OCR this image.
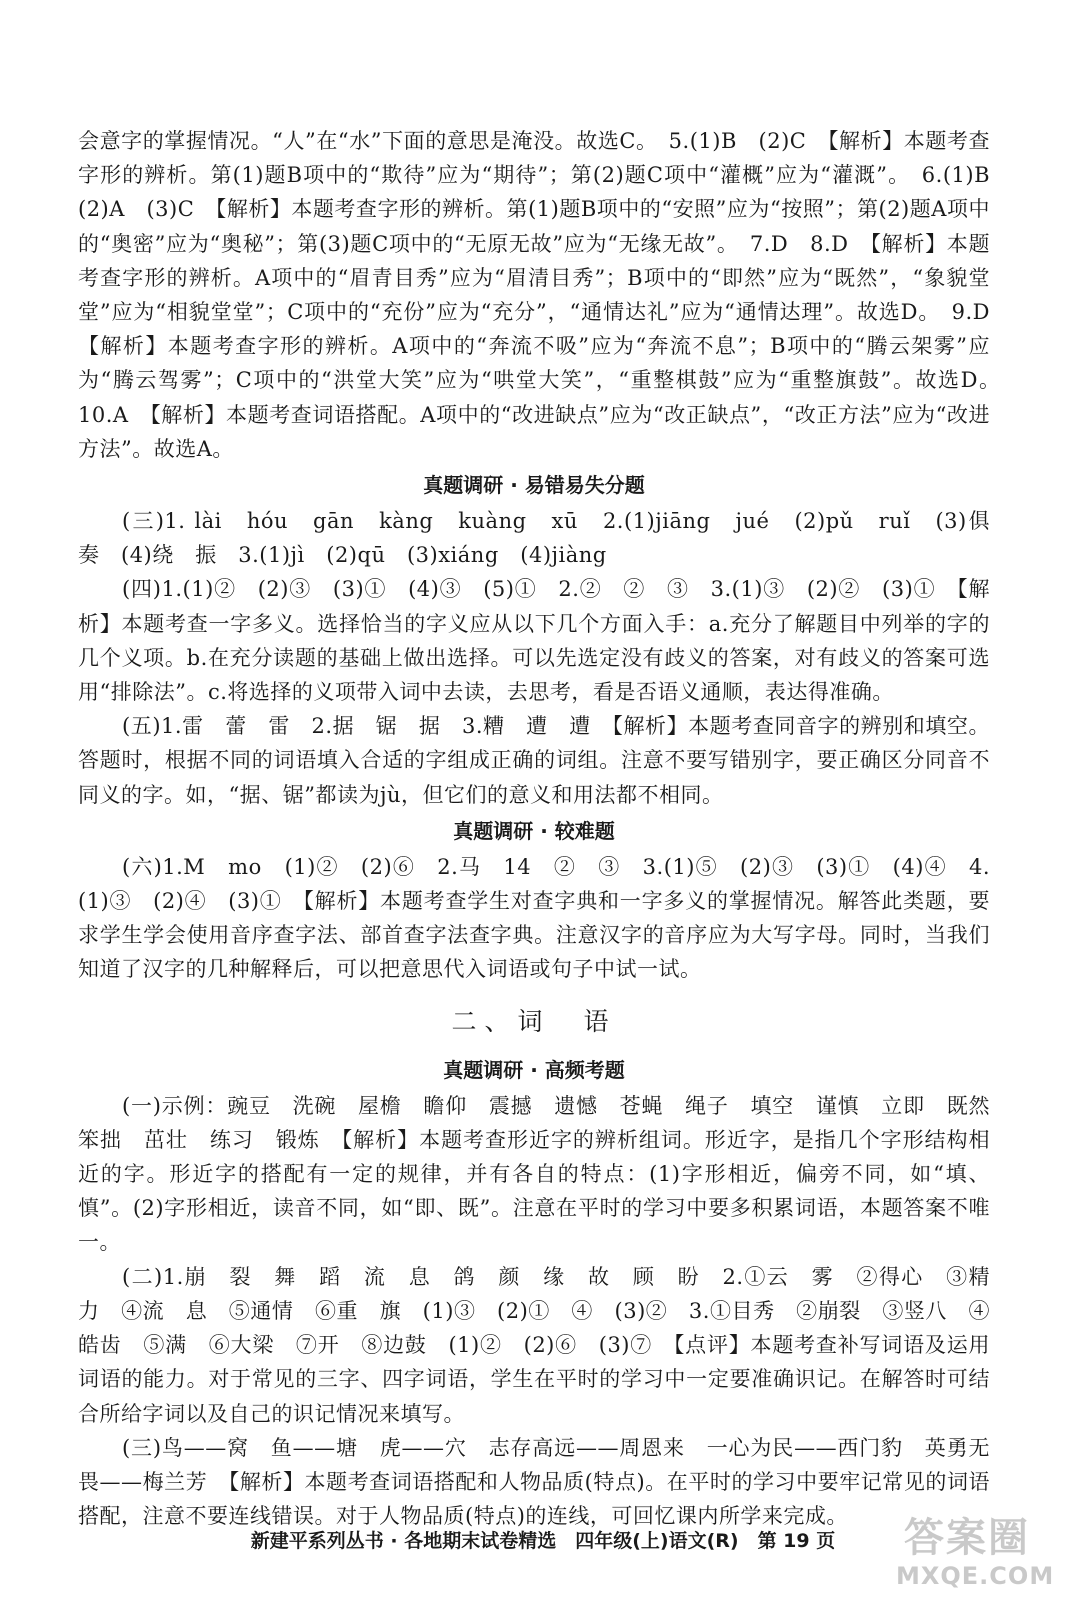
会意字的掌握情况。“人”在“水”下面的意思是淹没。故选C。　5.(1)B　(2)C　【解析】本题考查字形的辨析。第(1)题B项中的“欺待”应为“期待”；第(2)题C项中“灌概”应为“灌溉”。　6.(1)B　(2)A　(3)C　【解析】本题考查字形的辨析。第(1)题B项中的“安照”应为“按照”；第(2)题A项中的“奥密”应为“奥秘”；第(3)题C项中的“无原无故”应为“无缘无故”。　7.D　8.D　【解析】本题考查字形的辨析。A项中的“眉青目秀”应为“眉清目秀”；B项中的“即然”应为“既然”，“象貌堂堂”应为“相貌堂堂”；C项中的“充份”应为“充分”，“通情达礼”应为“通情达理”。故选D。　9.D　【解析】本题考查字形的辨析。A项中的“奔流不吸”应为“奔流不息”；B项中的“腾云架雾”应为“腾云驾雾”；C项中的“洪堂大笑”应为“哄堂大笑”，“重整棋鼓”应为“重整旗鼓”。故选D。　10.A　【解析】本题考查词语搭配。A项中的“改进缺点”应为“改正缺点”，“改正方法”应为“改进方法”。故选A。

真题调研 · 易错易失分题

(三)1. lài　hóu　gān　kàng　kuàng　xū　2.(1)jiāng　jué　(2)pǔ　ruǐ　(3)俱　奏　(4)绕　振　3.(1)jì　(2)qū　(3)xiáng　(4)jiàng

(四)1.(1)②　(2)③　(3)①　(4)③　(5)①　2.②　②　③　3.(1)③　(2)②　(3)①　【解析】本题考查一字多义。选择恰当的字义应从以下几个方面入手：a.充分了解题目中列举的字的几个义项。b.在充分读题的基础上做出选择。可以先选定没有歧义的答案，对有歧义的答案可选用“排除法”。c.将选择的义项带入词中去读，去思考，看是否语义通顺，表达得准确。

(五)1.雷　蕾　雷　2.据　锯　据　3.糟　遭　遭　【解析】本题考查同音字的辨别和填空。答题时，根据不同的词语填入合适的字组成正确的词组。注意不要写错别字，要正确区分同音不同义的字。如，“据、锯”都读为jù，但它们的意义和用法都不相同。

真题调研 · 较难题

(六)1.M　mo　(1)②　(2)⑥　2.马　14　②　③　3.(1)⑤　(2)③　(3)①　(4)④　4.(1)③　(2)④　(3)①　【解析】本题考查学生对查字典和一字多义的掌握情况。解答此类题，要求学生学会使用音序查字法、部首查字法查字典。注意汉字的音序应为大写字母。同时，当我们知道了汉字的几种解释后，可以把意思代入词语或句子中试一试。

二、词　语
真题调研 · 高频考题

(一)示例：豌豆　洗碗　屋檐　瞻仰　震撼　遗憾　苍蝇　绳子　填空　谨慎　立即　既然　笨拙　茁壮　练习　锻炼　【解析】本题考查形近字的辨析组词。形近字，是指几个字形结构相近的字。形近字的搭配有一定的规律，并有各自的特点：(1)字形相近，偏旁不同，如“填、慎”。(2)字形相近，读音不同，如“即、既”。注意在平时的学习中要多积累词语，本题答案不唯一。

(二)1.崩　裂　舞　蹈　流　息　鸽　颜　缘　故　顾　盼　2.①云　雾　②得心　③精　力　④流　息　⑤通情　⑥重　旗　(1)③　(2)①　④　(3)②　3.①目秀　②崩裂　③竖八　④皓齿　⑤满　⑥大梁　⑦开　⑧边鼓　(1)②　(2)⑥　(3)⑦　【点评】本题考查补写词语及运用词语的能力。对于常见的三字、四字词语，学生在平时的学习中一定要准确识记。在解答时可结合所给字词以及自己的识记情况来填写。

(三)鸟——窝　鱼——塘　虎——穴　志存高远——周恩来　一心为民——西门豹　英勇无畏——梅兰芳　【解析】本题考查词语搭配和人物品质(特点)。在平时的学习中要牢记常见的词语搭配，注意不要连线错误。对于人物品质(特点)的连线，可回忆课内所学来完成。

新建平系列丛书 · 各地期末试卷精选　四年级(上)语文(R)　第 19 页	答案圈
MXQE.COM
